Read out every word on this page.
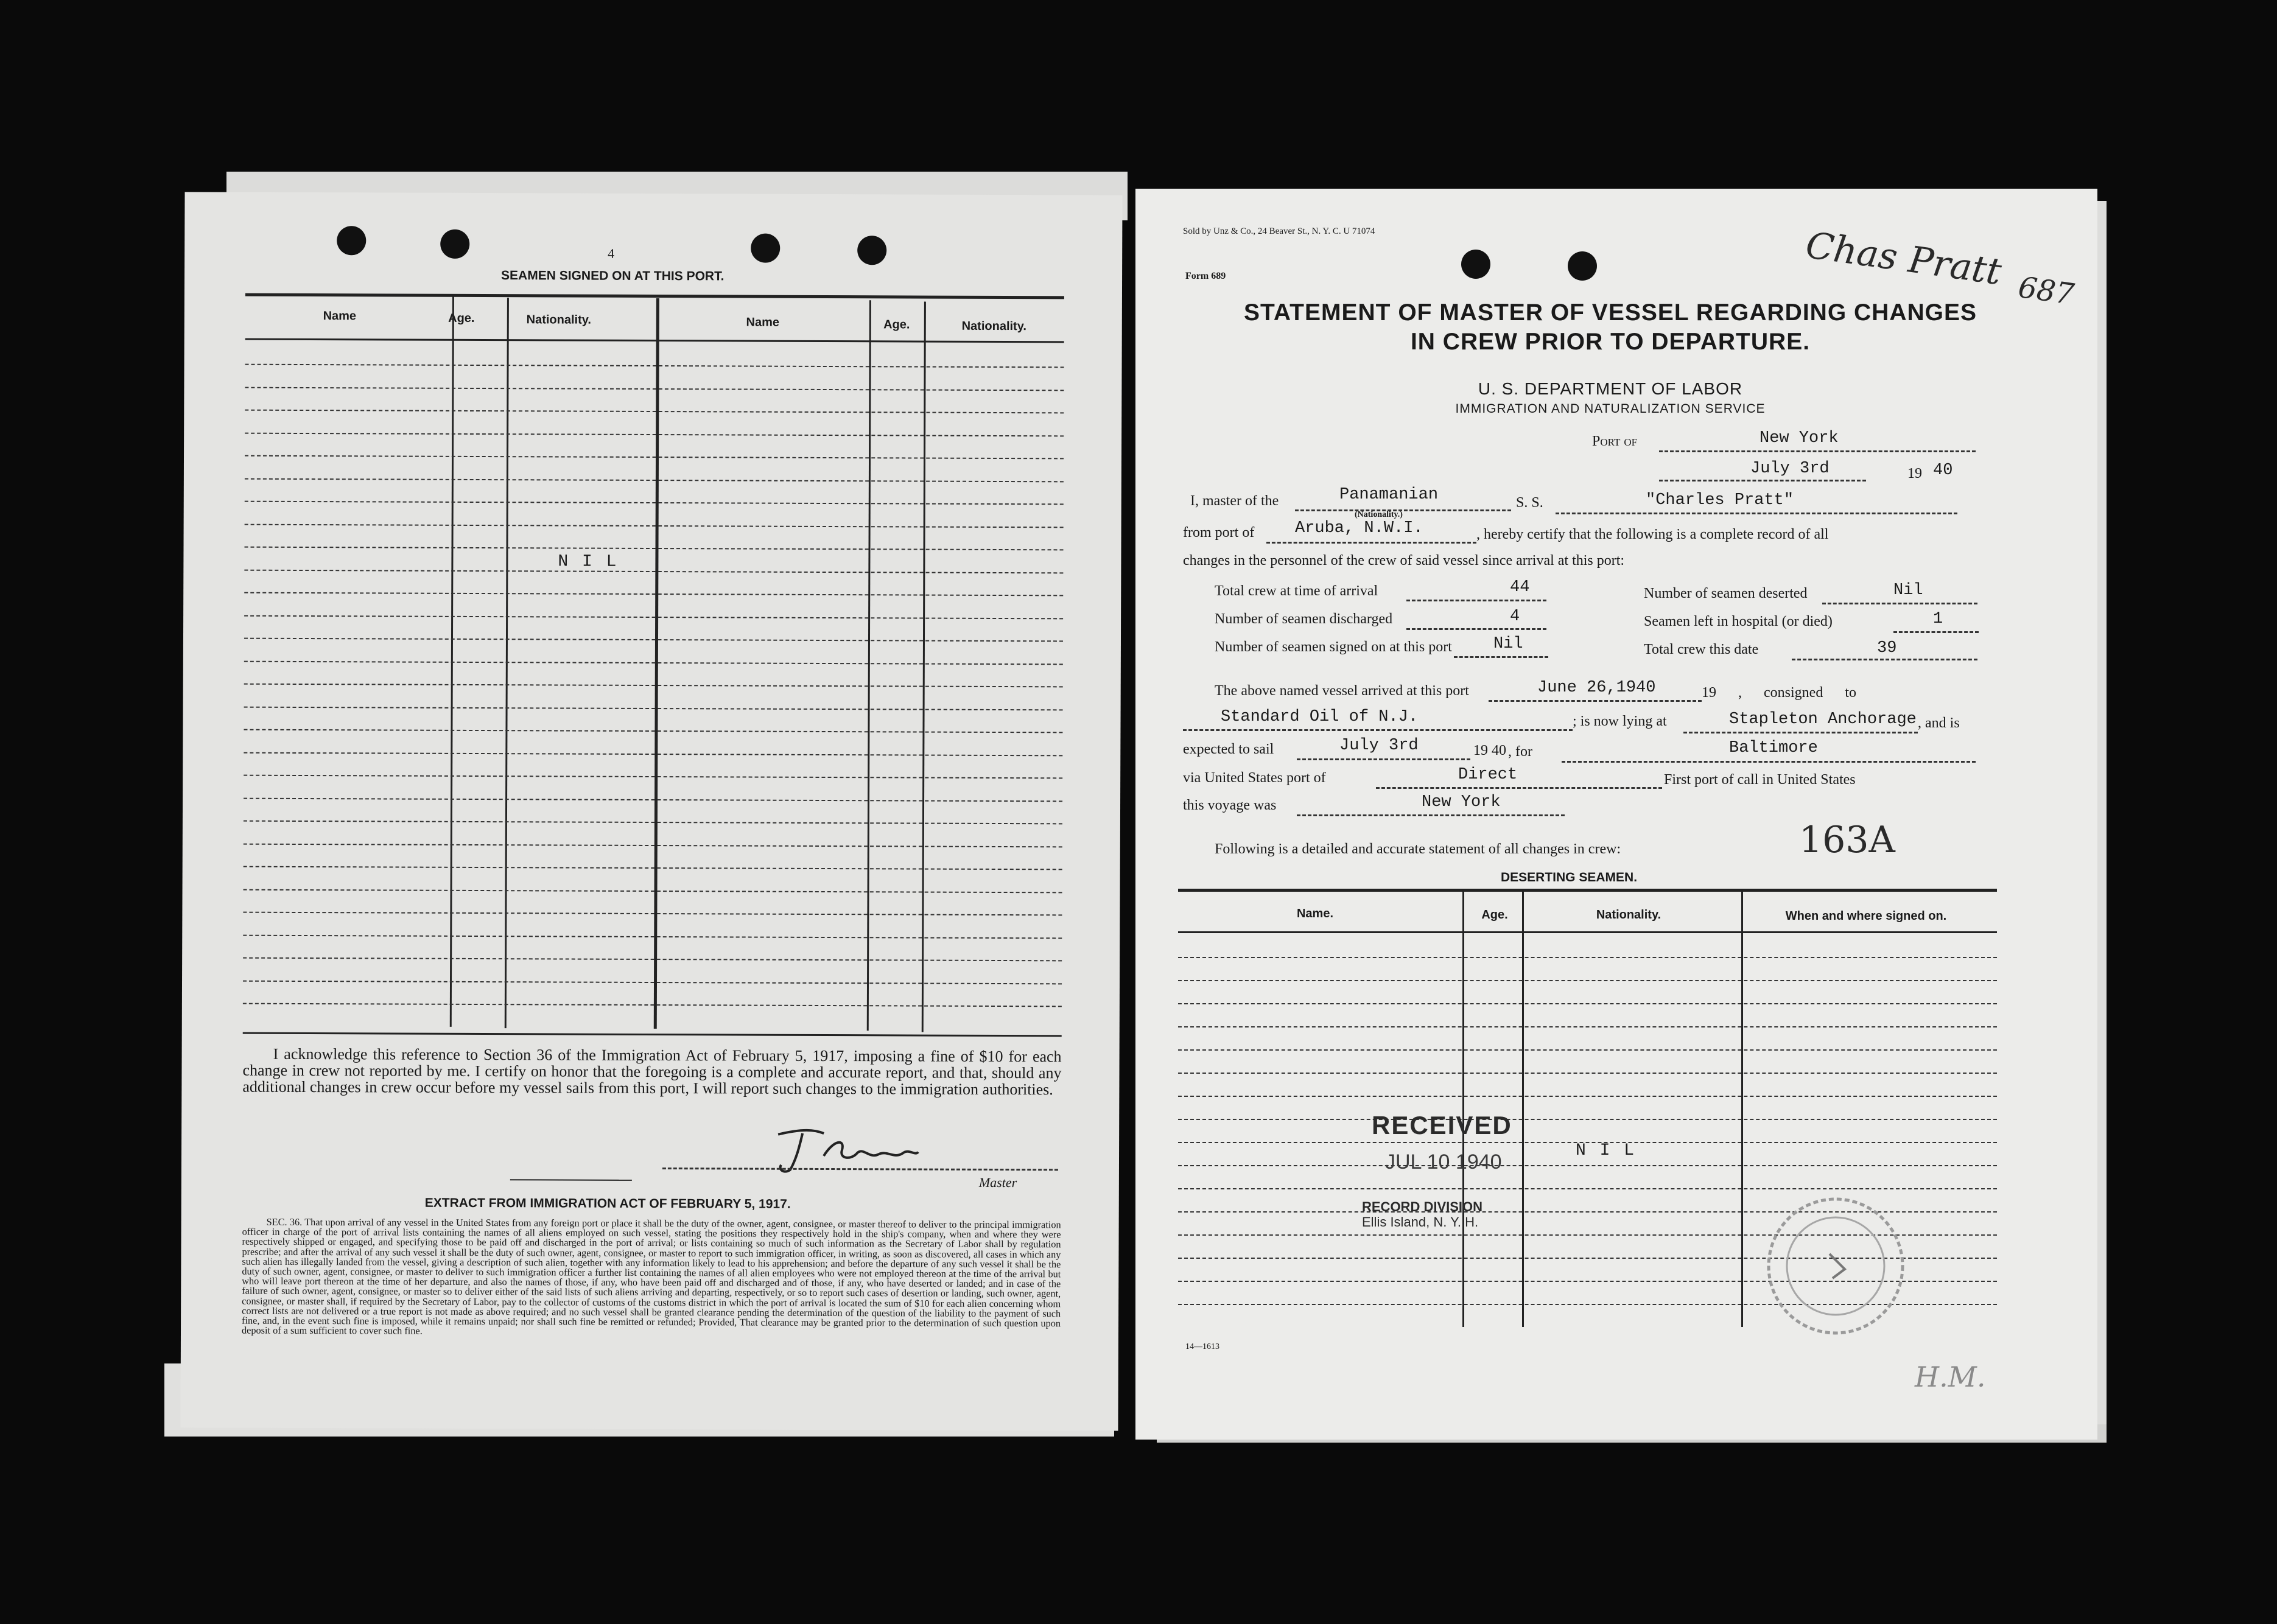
4
SEAMEN SIGNED ON AT THIS PORT.
Name	Age.	Nationality.	Name	Age.	Nationality.
N I L
I acknowledge this reference to Section 36 of the Immigration Act of February 5, 1917, imposing a fine of $10 for each change in crew not reported by me. I certify on honor that the foregoing is a complete and accurate report, and that, should any additional changes in crew occur before my vessel sails from this port, I will report such changes to the immigration authorities.
Master
EXTRACT FROM IMMIGRATION ACT OF FEBRUARY 5, 1917.
SEC. 36. That upon arrival of any vessel in the United States from any foreign port or place it shall be the duty of the owner, agent, consignee, or master thereof to deliver to the principal immigration officer in charge of the port of arrival lists containing the names of all aliens employed on such vessel, stating the positions they respectively hold in the ship's company, when and where they were respectively shipped or engaged, and specifying those to be paid off and discharged in the port of arrival; or lists containing so much of such information as the Secretary of Labor shall by regulation prescribe; and after the arrival of any such vessel it shall be the duty of such owner, agent, consignee, or master to report to such immigration officer, in writing, as soon as discovered, all cases in which any such alien has illegally landed from the vessel, giving a description of such alien, together with any information likely to lead to his apprehension; and before the departure of any such vessel it shall be the duty of such owner, agent, consignee, or master to deliver to such immigration officer a further list containing the names of all alien employees who were not employed thereon at the time of the arrival but who will leave port thereon at the time of her departure, and also the names of those, if any, who have been paid off and discharged and of those, if any, who have deserted or landed; and in case of the failure of such owner, agent, consignee, or master so to deliver either of the said lists of such aliens arriving and departing, respectively, or so to report such cases of desertion or landing, such owner, agent, consignee, or master shall, if required by the Secretary of Labor, pay to the collector of customs of the customs district in which the port of arrival is located the sum of $10 for each alien concerning whom correct lists are not delivered or a true report is not made as above required; and no such vessel shall be granted clearance pending the determination of the question of the liability to the payment of such fine, and, in the event such fine is imposed, while it remains unpaid; nor shall such fine be remitted or refunded; Provided, That clearance may be granted prior to the determination of such question upon deposit of a sum sufficient to cover such fine.
Sold by Unz & Co., 24 Beaver St., N. Y. C. U 71074
Form 689	Chas Pratt 687
STATEMENT OF MASTER OF VESSEL REGARDING CHANGES
IN CREW PRIOR TO DEPARTURE.
U. S. DEPARTMENT OF LABOR
IMMIGRATION AND NATURALIZATION SERVICE
Port of	New York
July 3rd	19 40
I, master of the	Panamanian
(Nationality.)
S. S.	"Charles Pratt"
from port of Aruba, N.W.I.	, hereby certify that the following is a complete record of all
changes in the personnel of the crew of said vessel since arrival at this port:
Total crew at time of arrival	44	Number of seamen deserted	Nil
Number of seamen discharged	4	Seamen left in hospital (or died)	1
Number of seamen signed on at this port	Nil	Total crew this date	39
The above named vessel arrived at this port	June 26,1940	19 , consigned to
Standard Oil of N.J.	; is now lying at	Stapleton Anchorage , and is
expected to sail	July 3rd	19 40 , for	Baltimore
via United States port of	Direct	First port of call in United States
this voyage was	New York
Following is a detailed and accurate statement of all changes in crew:	163A
DESERTING SEAMEN.
Name.	Age.	Nationality.	When and where signed on.
N I L
RECEIVED
JUL 10 1940
RECORD DIVISION
Ellis Island, N. Y. H.
14—1613
H.M.
